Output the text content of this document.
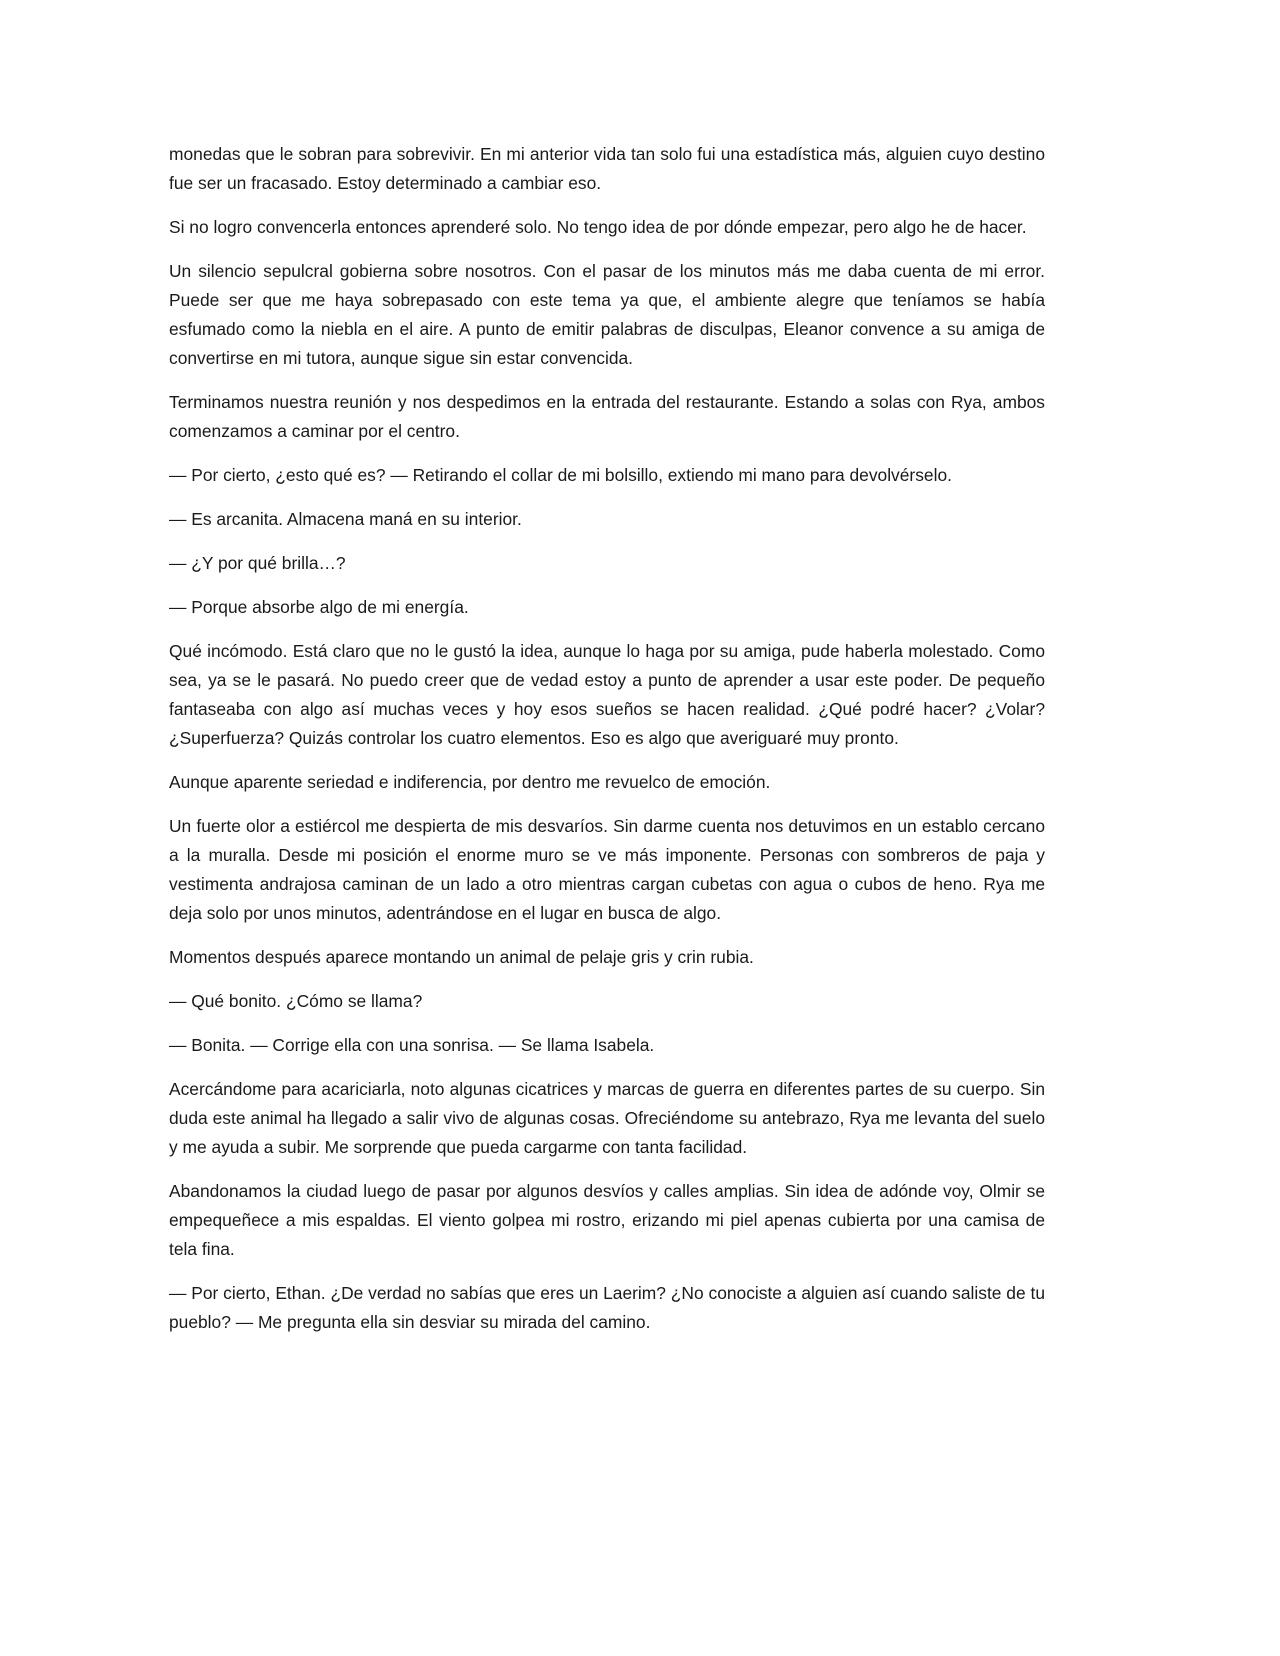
monedas que le sobran para sobrevivir. En mi anterior vida tan solo fui una estadística más, alguien cuyo destino fue ser un fracasado. Estoy determinado a cambiar eso.

Si no logro convencerla entonces aprenderé solo. No tengo idea de por dónde empezar, pero algo he de hacer.

Un silencio sepulcral gobierna sobre nosotros. Con el pasar de los minutos más me daba cuenta de mi error. Puede ser que me haya sobrepasado con este tema ya que, el ambiente alegre que teníamos se había esfumado como la niebla en el aire. A punto de emitir palabras de disculpas, Eleanor convence a su amiga de convertirse en mi tutora, aunque sigue sin estar convencida.

Terminamos nuestra reunión y nos despedimos en la entrada del restaurante. Estando a solas con Rya, ambos comenzamos a caminar por el centro.

— Por cierto, ¿esto qué es? — Retirando el collar de mi bolsillo, extiendo mi mano para devolvérselo.

— Es arcanita. Almacena maná en su interior.

— ¿Y por qué brilla…?

— Porque absorbe algo de mi energía.

Qué incómodo. Está claro que no le gustó la idea, aunque lo haga por su amiga, pude haberla molestado. Como sea, ya se le pasará. No puedo creer que de vedad estoy a punto de aprender a usar este poder. De pequeño fantaseaba con algo así muchas veces y hoy esos sueños se hacen realidad. ¿Qué podré hacer? ¿Volar? ¿Superfuerza? Quizás controlar los cuatro elementos. Eso es algo que averiguaré muy pronto.

Aunque aparente seriedad e indiferencia, por dentro me revuelco de emoción.

Un fuerte olor a estiércol me despierta de mis desvaríos. Sin darme cuenta nos detuvimos en un establo cercano a la muralla. Desde mi posición el enorme muro se ve más imponente. Personas con sombreros de paja y vestimenta andrajosa caminan de un lado a otro mientras cargan cubetas con agua o cubos de heno. Rya me deja solo por unos minutos, adentrándose en el lugar en busca de algo.

Momentos después aparece montando un animal de pelaje gris y crin rubia.

— Qué bonito. ¿Cómo se llama?

— Bonita. — Corrige ella con una sonrisa. — Se llama Isabela.

Acercándome para acariciarla, noto algunas cicatrices y marcas de guerra en diferentes partes de su cuerpo. Sin duda este animal ha llegado a salir vivo de algunas cosas. Ofreciéndome su antebrazo, Rya me levanta del suelo y me ayuda a subir. Me sorprende que pueda cargarme con tanta facilidad.

Abandonamos la ciudad luego de pasar por algunos desvíos y calles amplias. Sin idea de adónde voy, Olmir se empequeñece a mis espaldas. El viento golpea mi rostro, erizando mi piel apenas cubierta por una camisa de tela fina.

— Por cierto, Ethan. ¿De verdad no sabías que eres un Laerim? ¿No conociste a alguien así cuando saliste de tu pueblo? — Me pregunta ella sin desviar su mirada del camino.
